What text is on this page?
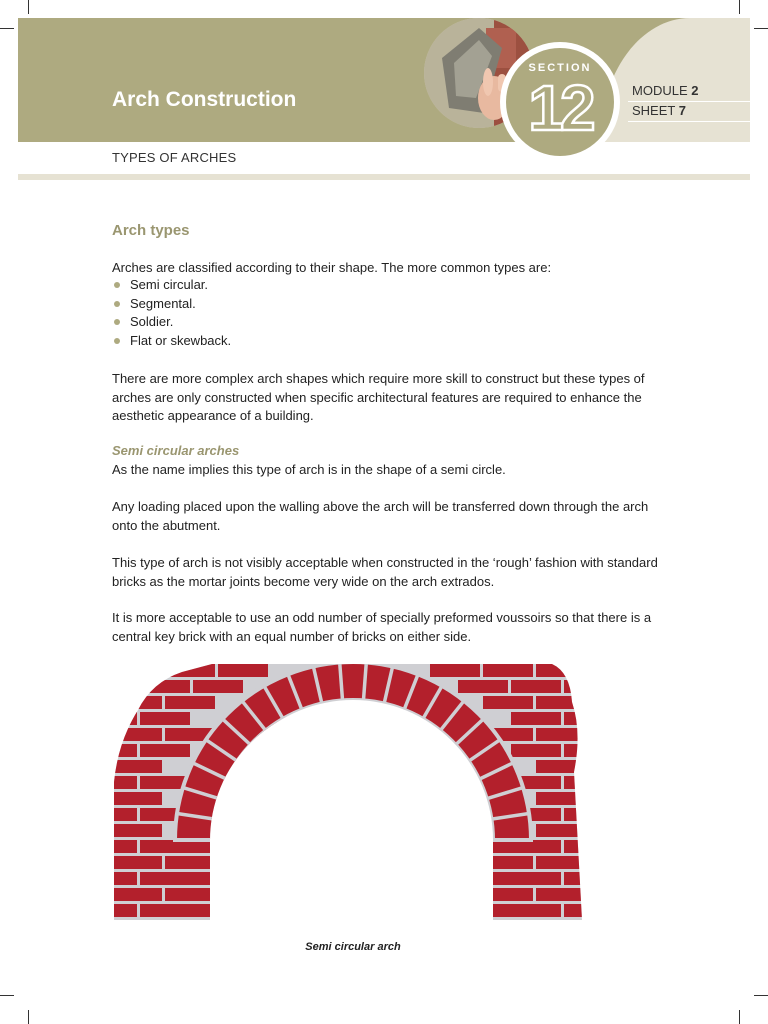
Arch Construction
SECTION
12	MODULE 2
SHEET 7
TYPES OF ARCHES
Arch types
Arches are classified according to their shape. The more common types are:
Semi circular.
Segmental.
Soldier.
Flat or skewback.
There are more complex arch shapes which require more skill to construct but these types of arches are only constructed when specific architectural features are required to enhance the aesthetic appearance of a building.
Semi circular arches
As the name implies this type of arch is in the shape of a semi circle.
Any loading placed upon the walling above the arch will be transferred down through the arch onto the abutment.
This type of arch is not visibly acceptable when constructed in the ‘rough’ fashion with standard bricks as the mortar joints become very wide on the arch extrados.
It is more acceptable to use an odd number of specially preformed voussoirs so that there is a central key brick with an equal number of bricks on either side.
Semi circular arch
